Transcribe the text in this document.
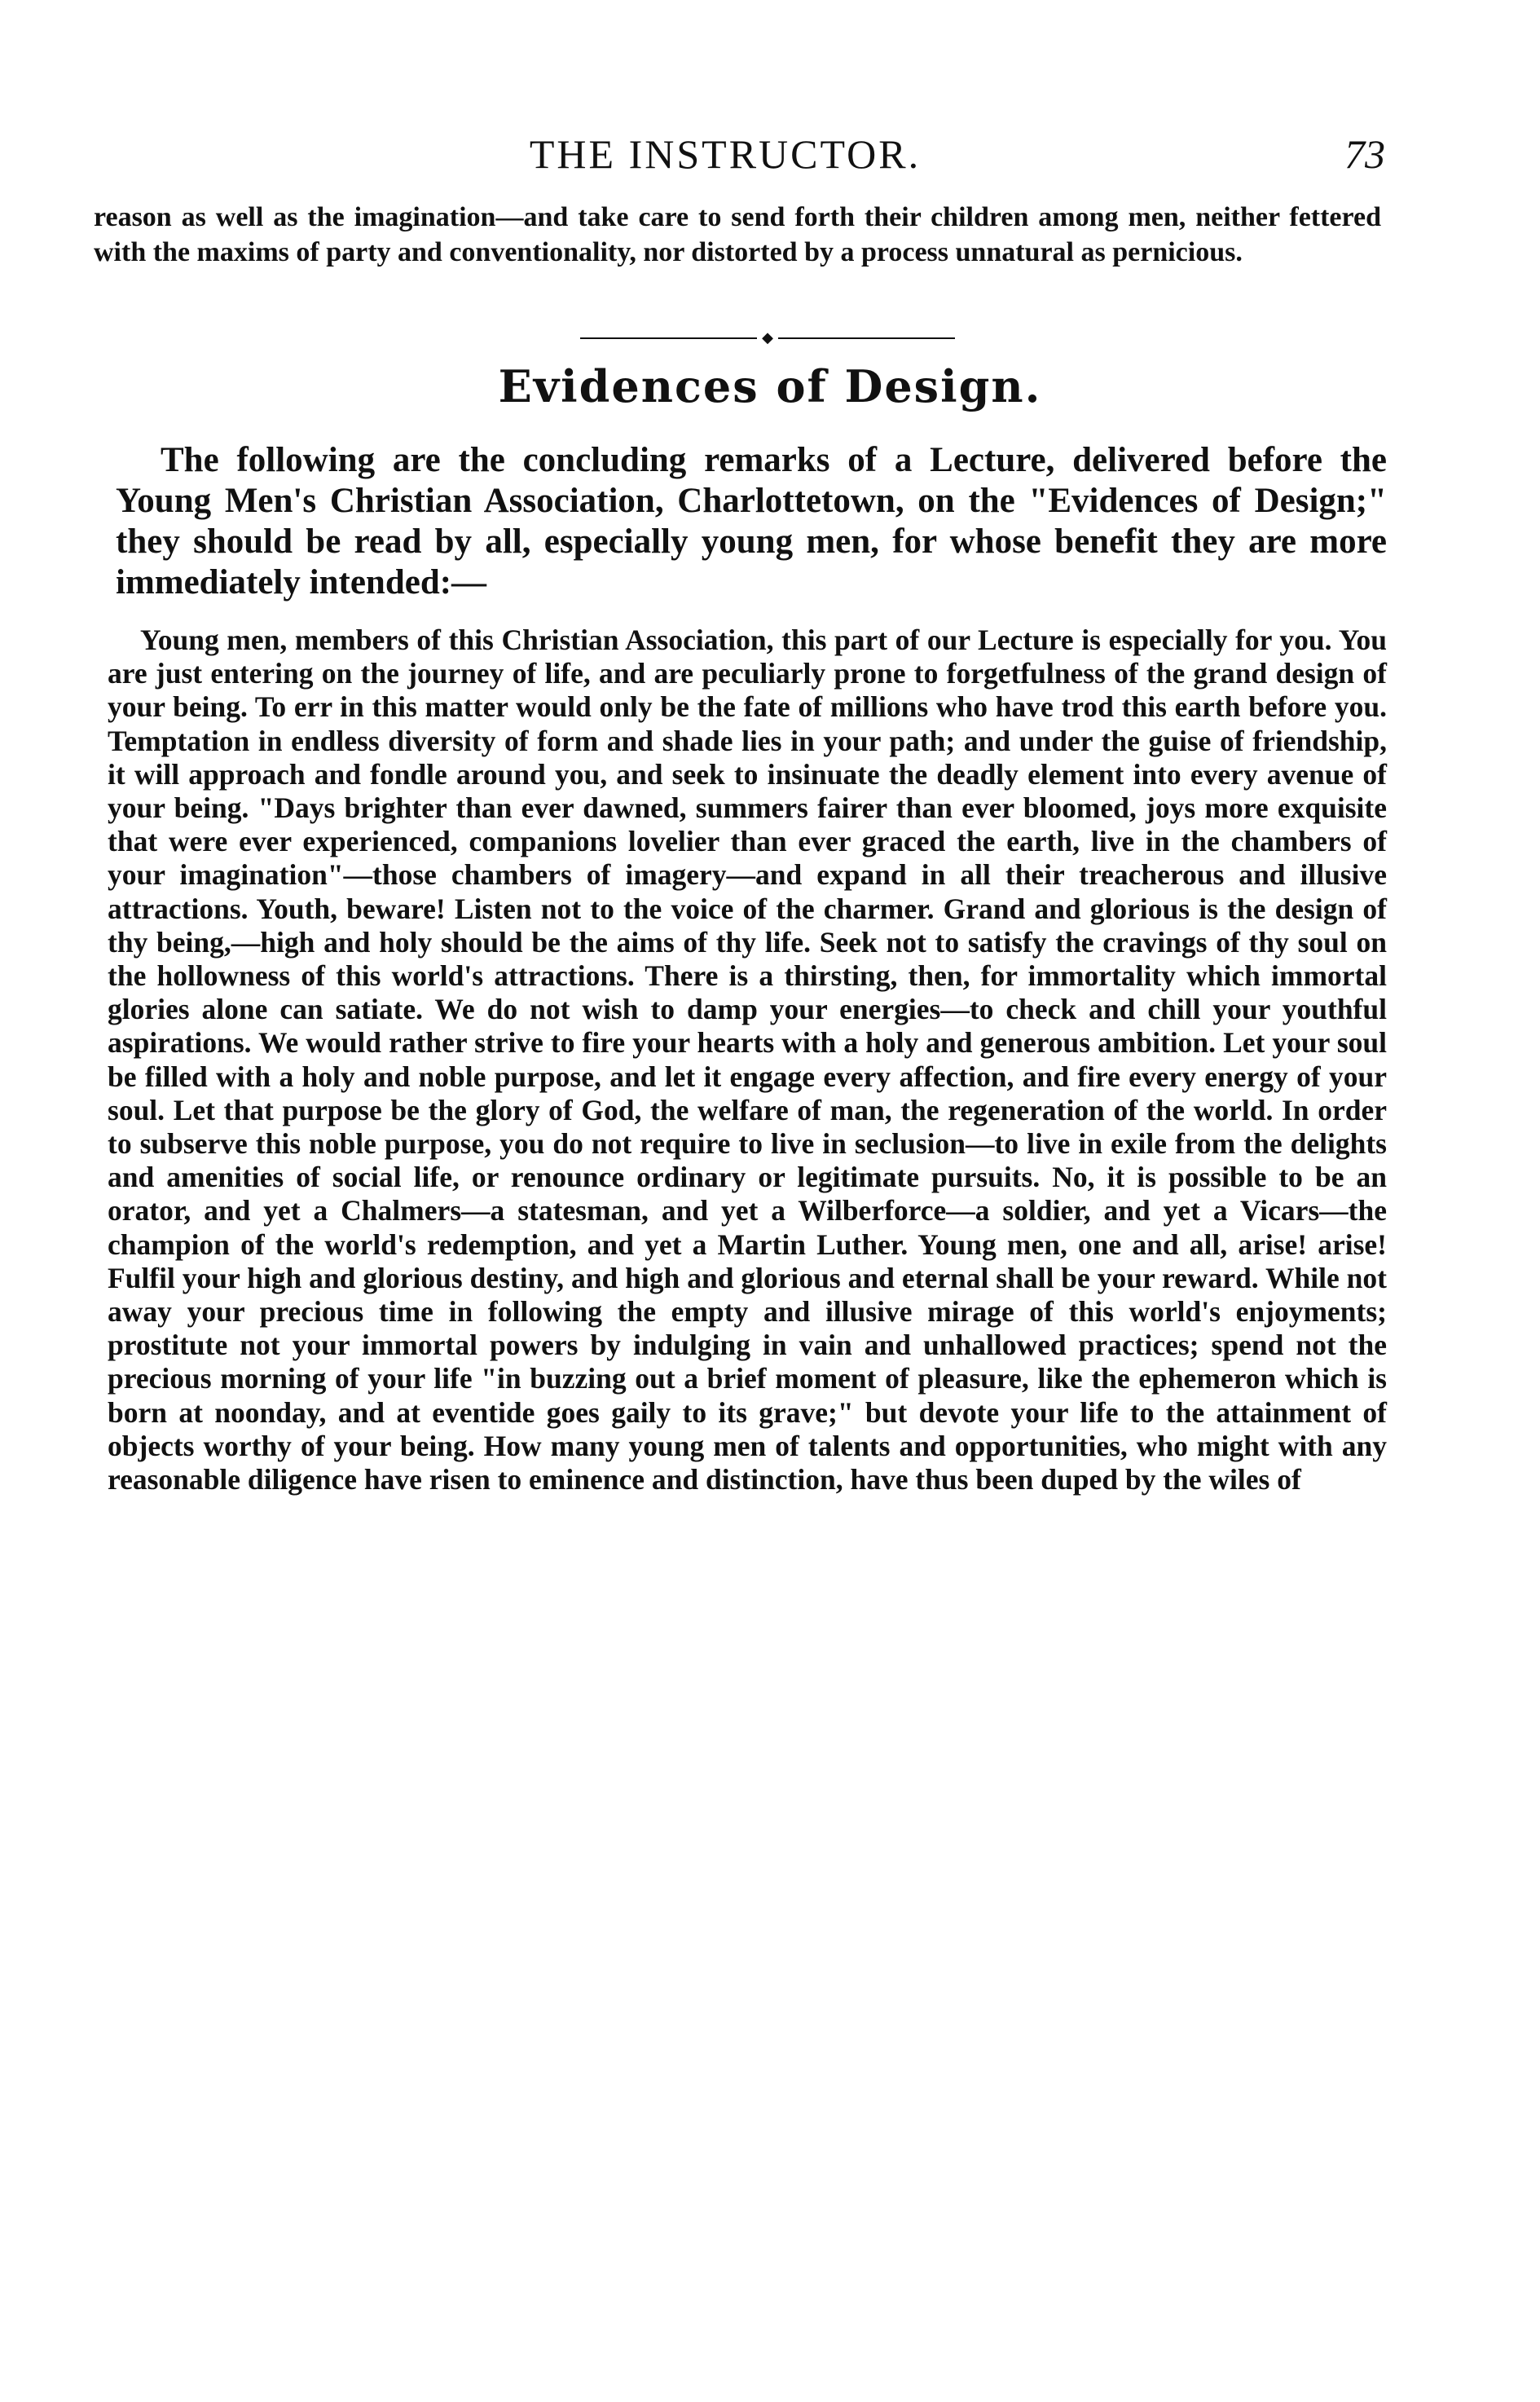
THE INSTRUCTOR.	73

reason as well as the imagination—and take care to send forth their children among men, neither fettered with the maxims of party and conventionality, nor distorted by a process unnatural as pernicious.

◆
Evidences of Design.

The following are the concluding remarks of a Lecture, delivered before the Young Men's Christian Association, Charlottetown, on the "Evidences of Design;" they should be read by all, especially young men, for whose benefit they are more immediately intended:—

Young men, members of this Christian Association, this part of our Lecture is especially for you. You are just entering on the journey of life, and are peculiarly prone to forgetfulness of the grand design of your being. To err in this matter would only be the fate of millions who have trod this earth before you. Temptation in endless diversity of form and shade lies in your path; and under the guise of friendship, it will approach and fondle around you, and seek to insinuate the deadly element into every avenue of your being. "Days brighter than ever dawned, summers fairer than ever bloomed, joys more exquisite that were ever experienced, companions lovelier than ever graced the earth, live in the chambers of your imagination"—those chambers of imagery—and expand in all their treacherous and illusive attractions. Youth, beware! Listen not to the voice of the charmer. Grand and glorious is the design of thy being,—high and holy should be the aims of thy life. Seek not to satisfy the cravings of thy soul on the hollowness of this world's attractions. There is a thirsting, then, for immortality which immortal glories alone can satiate. We do not wish to damp your energies—to check and chill your youthful aspirations. We would rather strive to fire your hearts with a holy and generous ambition. Let your soul be filled with a holy and noble purpose, and let it engage every affection, and fire every energy of your soul. Let that purpose be the glory of God, the welfare of man, the regeneration of the world. In order to subserve this noble purpose, you do not require to live in seclusion—to live in exile from the delights and amenities of social life, or renounce ordinary or legitimate pursuits. No, it is possible to be an orator, and yet a Chalmers—a statesman, and yet a Wilberforce—a soldier, and yet a Vicars—the champion of the world's redemption, and yet a Martin Luther. Young men, one and all, arise! arise! Fulfil your high and glorious destiny, and high and glorious and eternal shall be your reward. While not away your precious time in following the empty and illusive mirage of this world's enjoyments; prostitute not your immortal powers by indulging in vain and unhallowed practices; spend not the precious morning of your life "in buzzing out a brief moment of pleasure, like the ephemeron which is born at noonday, and at eventide goes gaily to its grave;" but devote your life to the attainment of objects worthy of your being. How many young men of talents and opportunities, who might with any reasonable diligence have risen to eminence and distinction, have thus been duped by the wiles of
